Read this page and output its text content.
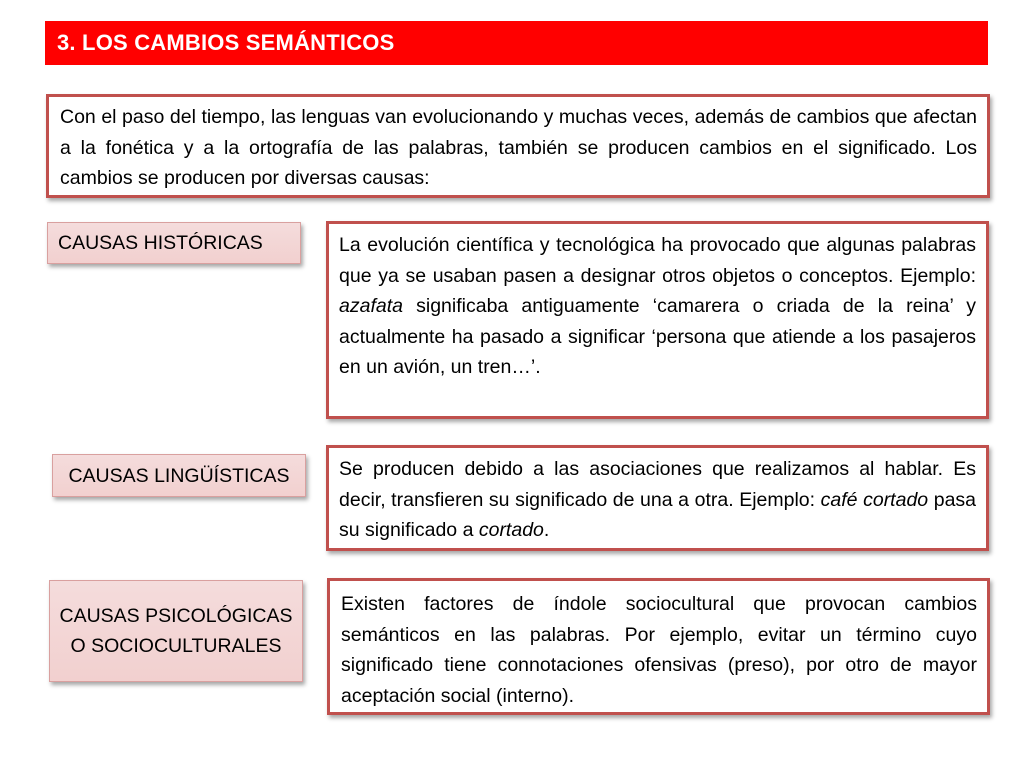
3. LOS CAMBIOS SEMÁNTICOS
Con el paso del tiempo, las lenguas van evolucionando y muchas veces, además de cambios que afectan a la fonética y a la ortografía de las palabras, también se producen cambios en el significado. Los cambios se producen por diversas causas:
CAUSAS HISTÓRICAS	La evolución científica y tecnológica ha provocado que algunas palabras que ya se usaban pasen a designar otros objetos o conceptos. Ejemplo: azafata significaba antiguamente ‘camarera o criada de la reina’ y actualmente ha pasado a significar ‘persona que atiende a los pasajeros en un avión, un tren…’.
CAUSAS LINGÜÍSTICAS	Se producen debido a las asociaciones que realizamos al hablar. Es decir, transfieren su significado de una a otra. Ejemplo: café cortado pasa su significado a cortado.
CAUSAS PSICOLÓGICAS O SOCIOCULTURALES
Existen factores de índole sociocultural que provocan cambios semánticos en las palabras. Por ejemplo, evitar un término cuyo significado tiene connotaciones ofensivas (preso), por otro de mayor aceptación social (interno).
